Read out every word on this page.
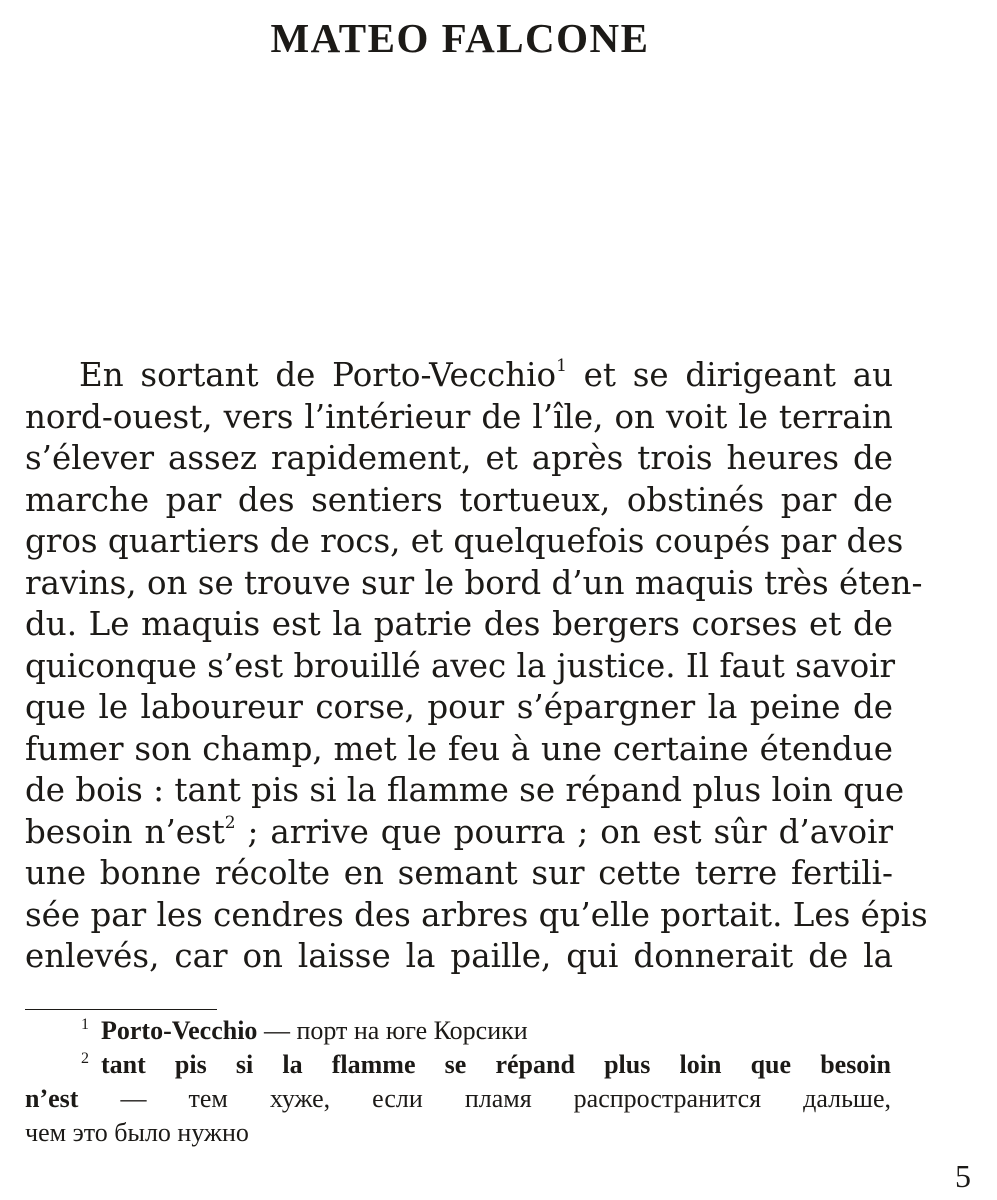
MATEO FALCONE
En sortant de Porto-Vecchio$^1$ et se dirigeant au
nord-ouest, vers l’intérieur de l’île, on voit le terrain
s’élever assez rapidement, et après trois heures de
marche par des sentiers tortueux, obstinés par de
gros quartiers de rocs, et quelquefois coupés par des
ravins, on se trouve sur le bord d’un maquis très éten-
du. Le maquis est la patrie des bergers corses et de
quiconque s’est brouillé avec la justice. Il faut savoir
que le laboureur corse, pour s’épargner la peine de
fumer son champ, met le feu à une certaine étendue
de bois : tant pis si la flamme se répand plus loin que
besoin n’est$^2$ ; arrive que pourra ; on est sûr d’avoir
une bonne récolte en semant sur cette terre fertili-
sée par les cendres des arbres qu’elle portait. Les épis
enlevés, car on laisse la paille, qui donnerait de la
1 Porto-Vecchio — порт на юге Корсики
2 tant pis si la flamme se répand plus loin que besoin
n’est — тем хуже, если пламя распространится дальше,
чем это было нужно
5
